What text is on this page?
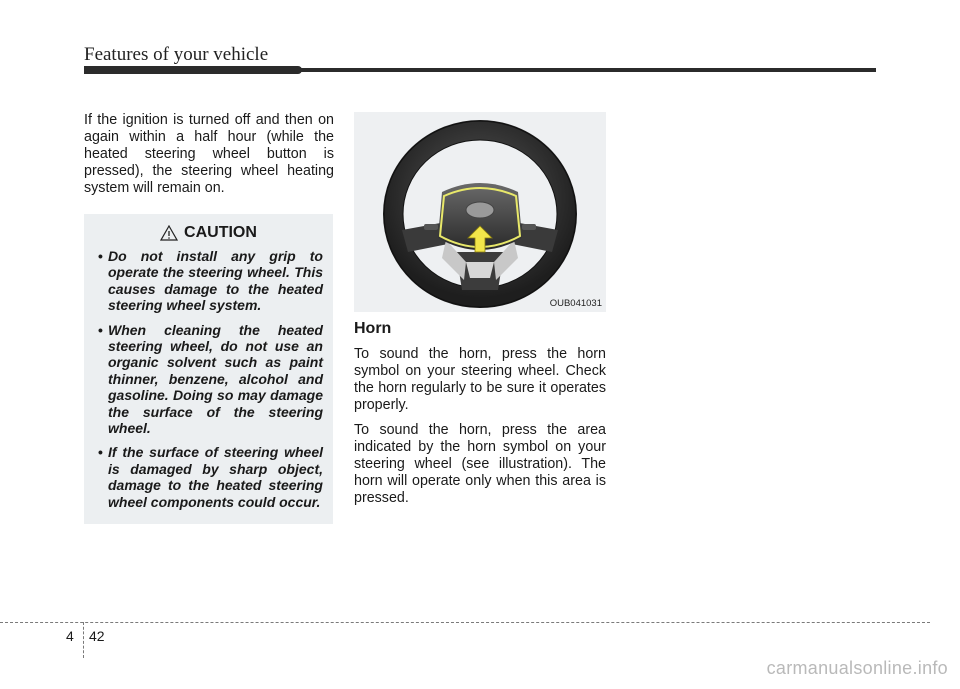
Features of your vehicle

If the ignition is turned off and then on again within a half hour (while the heated steering wheel button is pressed), the steering wheel heating system will remain on.

CAUTION
• Do not install any grip to operate the steering wheel. This causes damage to the heated steering wheel system.
• When cleaning the heated steering wheel, do not use an organic solvent such as paint thinner, benzene, alcohol and gasoline. Doing so may damage the surface of the steering wheel.
• If the surface of steering wheel is damaged by sharp object, damage to the heated steering wheel components could occur.
OUB041031
Horn

To sound the horn, press the horn symbol on your steering wheel. Check the horn regularly to be sure it operates properly.

To sound the horn, press the area indicated by the horn symbol on your steering wheel (see illustration). The horn will operate only when this area is pressed.

4 42
carmanualsonline.info
